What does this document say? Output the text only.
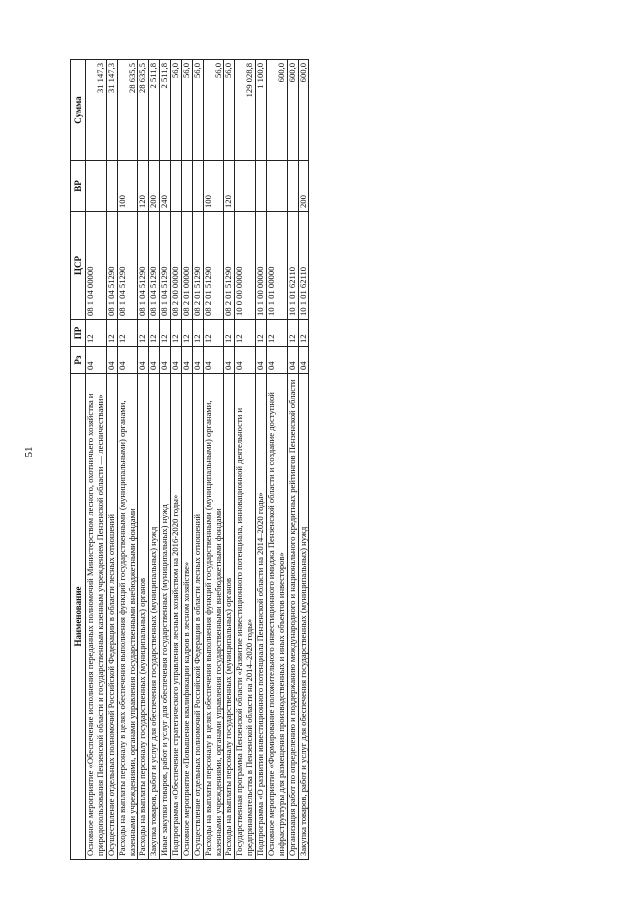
51
Наименование	Рз	ПР	ЦСР	ВР	Сумма
Основное мероприятие «Обеспечение исполнения переданных полномочий Министерством лесного, охотничьего хозяйства и природопользования Пензенской области и государственным казенным учреждением Пензенской области — лесничествами»	04	12	08 1 04 00000		31 147,3
Осуществление отдельных полномочий Российской Федерации в области лесных отношений	04	12	08 1 04 51290		31 147,3
Расходы на выплаты персоналу в целях обеспечения выполнения функций государственными (муниципальными) органами, казенными учреждениями, органами управления государственными внебюджетными фондами	04	12	08 1 04 51290	100	28 635,5
Расходы на выплаты персоналу государственных (муниципальных) органов	04	12	08 1 04 51290	120	28 635,5
Закупка товаров, работ и услуг для обеспечения государственных (муниципальных) нужд	04	12	08 1 04 51290	200	2 511,8
Иные закупки товаров, работ и услуг для обеспечения государственных (муниципальных) нужд	04	12	08 1 04 51290	240	2 511,8
Подпрограмма «Обеспечение стратегического управления лесным хозяйством на 2016-2020 годы»	04	12	08 2 00 00000		56,0
Основное мероприятие «Повышение квалификации кадров в лесном хозяйстве»	04	12	08 2 01 00000		56,0
Осуществление отдельных полномочий Российской Федерации в области лесных отношений	04	12	08 2 01 51290		56,0
Расходы на выплаты персоналу в целях обеспечения выполнения функций государственными (муниципальными) органами, казенными учреждениями, органами управления государственными внебюджетными фондами	04	12	08 2 01 51290	100	56,0
Расходы на выплаты персоналу государственных (муниципальных) органов	04	12	08 2 01 51290	120	56,0
Государственная программа Пензенской области «Развитие инвестиционного потенциала, инновационной деятельности и предпринимательства в Пензенской области на 2014–2020 годы»	04	12	10 0 00 00000		129 028,8
Подпрограмма «О развитии инвестиционного потенциала Пензенской области на 2014–2020 годы»	04	12	10 1 00 00000		1 100,0
Основное мероприятие «Формирование положительного инвестиционного имиджа Пензенской области и создание доступной инфраструктуры для размещения производственных и иных объектов инвесторов»	04	12	10 1 01 00000		600,0
Организация работ по определению и поддержанию международного и национального кредитных рейтингов Пензенской области	04	12	10 1 01 62110		600,0
Закупка товаров, работ и услуг для обеспечения государственных (муниципальных) нужд	04	12	10 1 01 62110	200	600,0
